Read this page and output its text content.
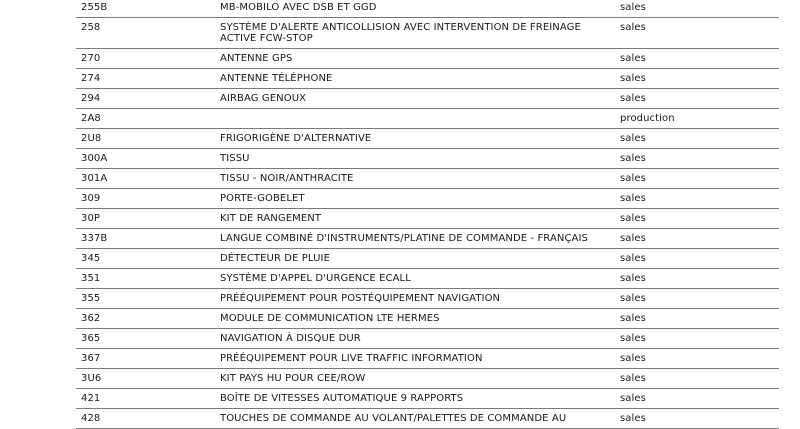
255B	MB-MOBILO AVEC DSB ET GGD	sales
258	SYSTÈME D'ALERTE ANTICOLLISION AVEC INTERVENTION DE FREINAGE ACTIVE FCW-STOP	sales
270	ANTENNE GPS	sales
274	ANTENNE TÉLÉPHONE	sales
294	AIRBAG GENOUX	sales
2A8		production
2U8	FRIGORIGÈNE D'ALTERNATIVE	sales
300A	TISSU	sales
301A	TISSU - NOIR/ANTHRACITE	sales
309	PORTE-GOBELET	sales
30P	KIT DE RANGEMENT	sales
337B	LANGUE COMBINÉ D'INSTRUMENTS/PLATINE DE COMMANDE - FRANÇAIS	sales
345	DÉTECTEUR DE PLUIE	sales
351	SYSTÈME D'APPEL D'URGENCE ECALL	sales
355	PRÉÉQUIPEMENT POUR POSTÉQUIPEMENT NAVIGATION	sales
362	MODULE DE COMMUNICATION LTE HERMES	sales
365	NAVIGATION À DISQUE DUR	sales
367	PRÉÉQUIPEMENT POUR LIVE TRAFFIC INFORMATION	sales
3U6	KIT PAYS HU POUR CEE/ROW	sales
421	BOÎTE DE VITESSES AUTOMATIQUE 9 RAPPORTS	sales
428	TOUCHES DE COMMANDE AU VOLANT/PALETTES DE COMMANDE AU	sales
